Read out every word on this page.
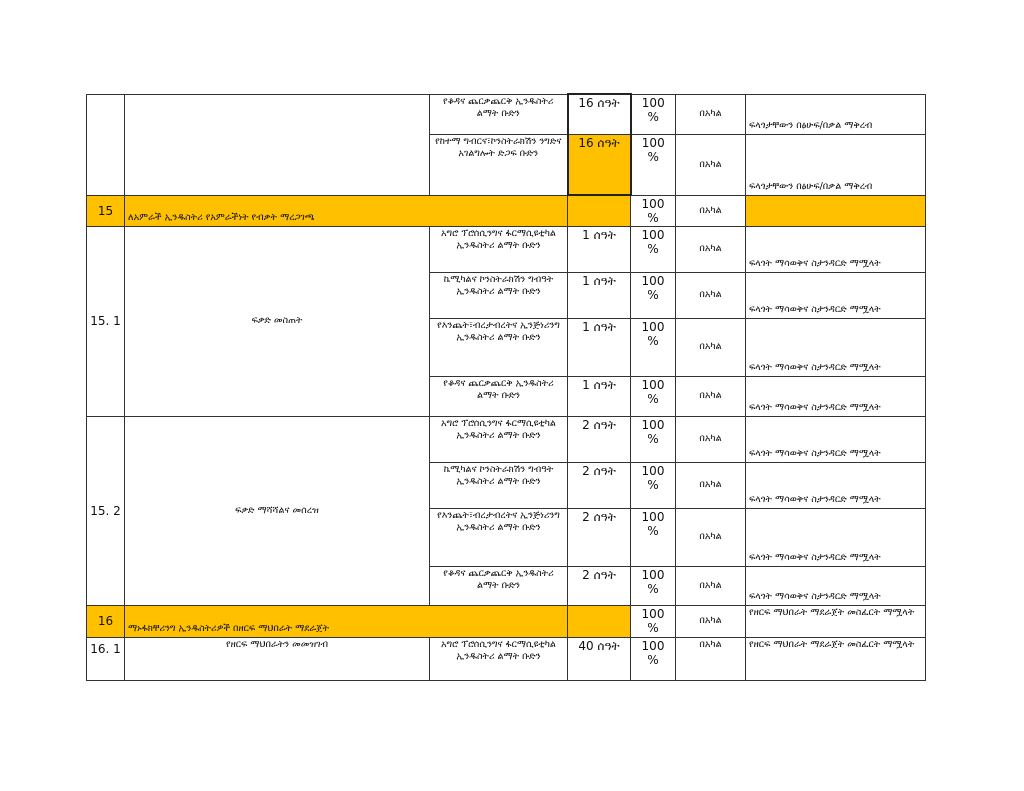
		የቆዳና ጨርቃጨርቅ ኢንዱስትሪ ልማት ቡድን	16 ሰዓት	100 %	በአካል	ፍላጎታቸውን በፅሁፍ/በቃል ማቅረብ
		የከተማ ግብርና፣ኮንስትራክሽን ንግድና አገልግሎት ድጋፍ ቡድን	16 ሰዓት	100 %	በአካል	ፍላጎታቸውን በፅሁፍ/በቃል ማቅረብ
15	ለአምራች ኢንዱስትሪ የአምራችነት የብቃት ማረጋገጫ			100 %	በአካል	
15. 1	ፍቃድ መስጠት	አግሮ ፕሮሰሲንግና ፋርማሲዩቲካል ኢንዱስትሪ ልማት ቡድን	1 ሰዓት	100 %	በአካል	ፍላጎት ማሳወቅና ስታንዳርድ ማሟላት
		ኬሚካልና ኮንስትራክሽን ግብዓት ኢንዱስትሪ ልማት ቡድን	1 ሰዓት	100 %	በአካል	ፍላጎት ማሳወቅና ስታንዳርድ ማሟላት
		የእንጨት፣ብረታብረትና ኢንጅነሪንግ ኢንዱስትሪ ልማት ቡድን	1 ሰዓት	100 %	በአካል	ፍላጎት ማሳወቅና ስታንዳርድ ማሟላት
		የቆዳና ጨርቃጨርቅ ኢንዱስትሪ ልማት ቡድን	1 ሰዓት	100 %	በአካል	ፍላጎት ማሳወቅና ስታንዳርድ ማሟላት
15. 2	ፍቃድ ማሻሻልና መሰረዝ	አግሮ ፕሮሰሲንግና ፋርማሲዩቲካል ኢንዱስትሪ ልማት ቡድን	2 ሰዓት	100 %	በአካል	ፍላጎት ማሳወቅና ስታንዳርድ ማሟላት
		ኬሚካልና ኮንስትራክሽን ግብዓት ኢንዱስትሪ ልማት ቡድን	2 ሰዓት	100 %	በአካል	ፍላጎት ማሳወቅና ስታንዳርድ ማሟላት
		የእንጨት፣ብረታብረትና ኢንጅነሪንግ ኢንዱስትሪ ልማት ቡድን	2 ሰዓት	100 %	በአካል	ፍላጎት ማሳወቅና ስታንዳርድ ማሟላት
		የቆዳና ጨርቃጨርቅ ኢንዱስትሪ ልማት ቡድን	2 ሰዓት	100 %	በአካል	ፍላጎት ማሳወቅና ስታንዳርድ ማሟላት
16	ማኑፋክቸሪንግ ኢንዱስትሪዎች በዘርፍ ማህበራት ማደራጀት			100 %	በአካል	የዘርፍ ማህበራት ማደራጀት መስፈርት ማሟላት
16. 1	የዘርፍ ማህበራትን መመዝገብ	አግሮ ፕሮሰሲንግና ፋርማሲዩቲካል ኢንዱስትሪ ልማት ቡድን	40 ሰዓት	100 %	በአካል	የዘርፍ ማህበራት ማደራጀት መስፈርት ማሟላት
